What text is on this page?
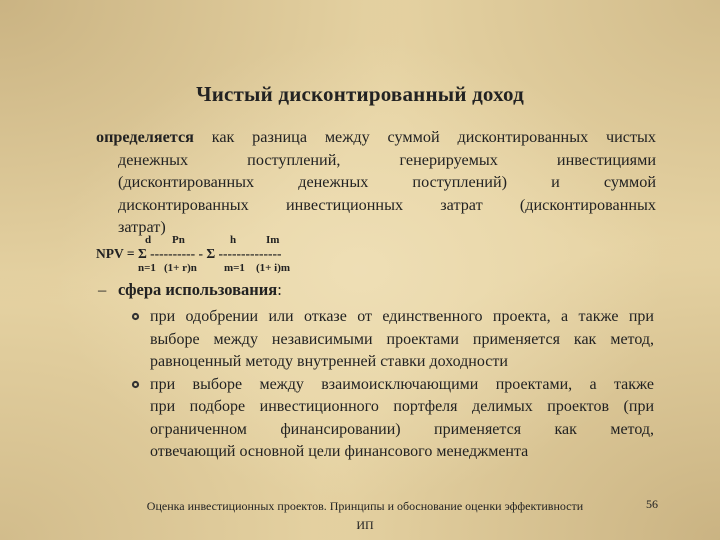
Чистый дисконтированный доход
определяется как разница между суммой дисконтированных чистых
денежных поступлений, генерируемых инвестициями
(дисконтированных денежных поступлений) и суммой
дисконтированных инвестиционных затрат (дисконтированных
затрат)
d Pn	h	Im
NPV = Σ ---------- - Σ --------------
n=1 (1+ r)n m=1 (1+ i)m
– сфера использования:
при одобрении или отказе от единственного проекта, а также при
выборе между независимыми проектами применяется как метод,
равноценный методу внутренней ставки доходности
при выборе между взаимоисключающими проектами, а также
при подборе инвестиционного портфеля делимых проектов (при
ограниченном финансировании) применяется как метод,
отвечающий основной цели финансового менеджмента
Оценка инвестиционных проектов. Принципы и обоснование оценки эффективности
ИП
56
